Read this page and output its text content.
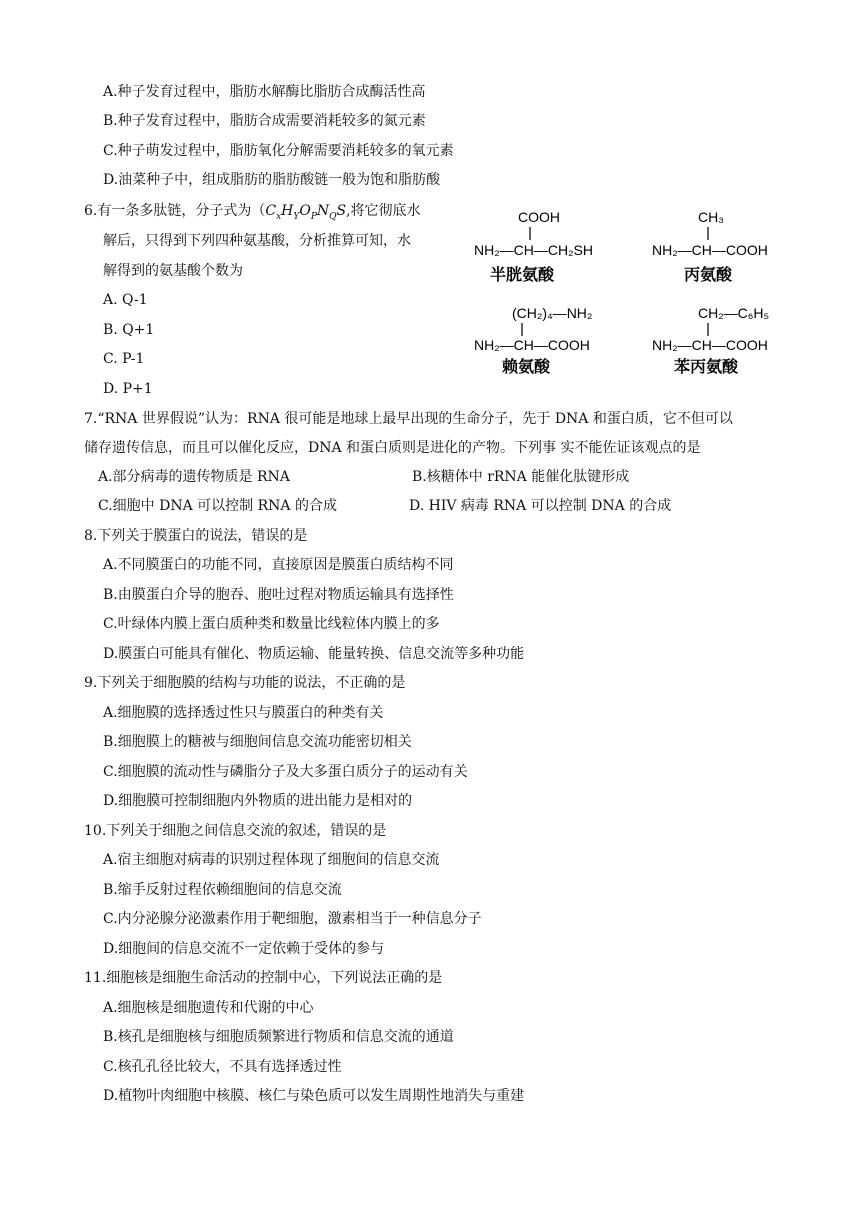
A.种子发育过程中，脂肪水解酶比脂肪合成酶活性高
B.种子发育过程中，脂肪合成需要消耗较多的氮元素
C.种子萌发过程中，脂肪氧化分解需要消耗较多的氧元素
D.油菜种子中，组成脂肪的脂肪酸链一般为饱和脂肪酸
6.有一条多肽链，分子式为（$C_xH_YO_PN_QS$,将它彻底水
解后，只得到下列四种氨基酸，分析推算可知，水
解得到的氨基酸个数为
A. Q-1
B. Q+1
C. P-1
D. P+1
COOH
NH₂—CH—CH₂SH
半胱氨酸
CH₃
NH₂—CH—COOH
丙氨酸
(CH₂)₄—NH₂
NH₂—CH—COOH
赖氨酸
CH₂—C₆H₅
NH₂—CH—COOH
苯丙氨酸
7.“RNA 世界假说”认为：RNA 很可能是地球上最早出现的生命分子，先于 DNA 和蛋白质，它不但可以
储存遗传信息，而且可以催化反应，DNA 和蛋白质则是进化的产物。下列事 实不能佐证该观点的是
A.部分病毒的遗传物质是 RNA	B.核糖体中 rRNA 能催化肽键形成
C.细胞中 DNA 可以控制 RNA 的合成	D. HIV 病毒 RNA 可以控制 DNA 的合成
8.下列关于膜蛋白的说法，错误的是
A.不同膜蛋白的功能不同，直接原因是膜蛋白质结构不同
B.由膜蛋白介导的胞吞、胞吐过程对物质运输具有选择性
C.叶绿体内膜上蛋白质种类和数量比线粒体内膜上的多
D.膜蛋白可能具有催化、物质运输、能量转换、信息交流等多种功能
9.下列关于细胞膜的结构与功能的说法，不正确的是
A.细胞膜的选择透过性只与膜蛋白的种类有关
B.细胞膜上的糖被与细胞间信息交流功能密切相关
C.细胞膜的流动性与磷脂分子及大多蛋白质分子的运动有关
D.细胞膜可控制细胞内外物质的进出能力是相对的
10.下列关于细胞之间信息交流的叙述，错误的是
A.宿主细胞对病毒的识别过程体现了细胞间的信息交流
B.缩手反射过程依赖细胞间的信息交流
C.内分泌腺分泌激素作用于靶细胞，激素相当于一种信息分子
D.细胞间的信息交流不一定依赖于受体的参与
11.细胞核是细胞生命活动的控制中心，下列说法正确的是
A.细胞核是细胞遗传和代谢的中心
B.核孔是细胞核与细胞质频繁进行物质和信息交流的通道
C.核孔孔径比较大，不具有选择透过性
D.植物叶肉细胞中核膜、核仁与染色质可以发生周期性地消失与重建
